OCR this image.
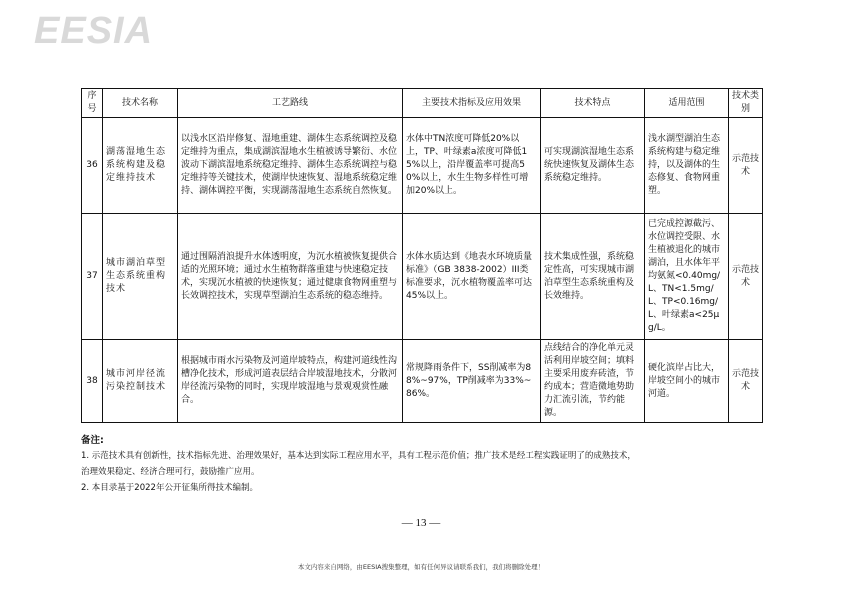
EESIA
序号	技术名称	工艺路线	主要技术指标及应用效果	技术特点	适用范围	技术类别
36	湖荡湿地生态系统构建及稳定维持技术	以浅水区沿岸修复、湿地重建、湖体生态系统调控及稳定维持为重点，集成湖滨湿地水生植被诱导繁衍、水位波动下湖滨湿地系统稳定维持、湖体生态系统调控与稳定维持等关键技术，使湖岸快速恢复、湿地系统稳定维持、湖体调控平衡，实现湖荡湿地生态系统自然恢复。	水体中TN浓度可降低20%以上，TP、叶绿素a浓度可降低15%以上，沿岸覆盖率可提高50%以上，水生生物多样性可增加20%以上。	可实现湖滨湿地生态系统快速恢复及湖体生态系统稳定维持。	浅水湖型湖泊生态系统构建与稳定维持，以及湖体的生态修复、食物网重塑。	示范技术
37	城市湖泊草型生态系统重构技术	通过围隔消浪提升水体透明度，为沉水植被恢复提供合适的光照环境；通过水生植物群落重建与快速稳定技术，实现沉水植被的快速恢复；通过健康食物网重塑与长效调控技术，实现草型湖泊生态系统的稳态维持。	水体水质达到《地表水环境质量标准》（GB 3838-2002）III类标准要求，沉水植物覆盖率可达45%以上。	技术集成性强，系统稳定性高，可实现城市湖泊草型生态系统重构及长效维持。	已完成控源截污、水位调控受限、水生植被退化的城市湖泊，且水体年平均氨氮<0.40mg/L、TN<1.5mg/L、TP<0.16mg/L、叶绿素a<25μg/L。	示范技术
38	城市河岸径流污染控制技术	根据城市雨水污染物及河道岸坡特点，构建河道线性沟槽净化技术，形成河道表层结合岸坡湿地技术，分散河岸径流污染物的同时，实现岸坡湿地与景观观赏性融合。	常规降雨条件下，SS削减率为88%~97%，TP削减率为33%~86%。	点线结合的净化单元灵活利用岸坡空间；填料主要采用废弃砖渣，节约成本；营造微地势助力汇流引流，节约能源。	硬化滨岸占比大，岸坡空间小的城市河道。	示范技术
备注:
1. 示范技术具有创新性，技术指标先进、治理效果好，基本达到实际工程应用水平，具有工程示范价值；推广技术是经工程实践证明了的成熟技术，
治理效果稳定、经济合理可行，鼓励推广应用。
2. 本目录基于2022年公开征集所得技术编制。
— 13 —
本文内容来自网络，由EESIA搜集整理，如有任何异议请联系我们，我们将删除处理！
